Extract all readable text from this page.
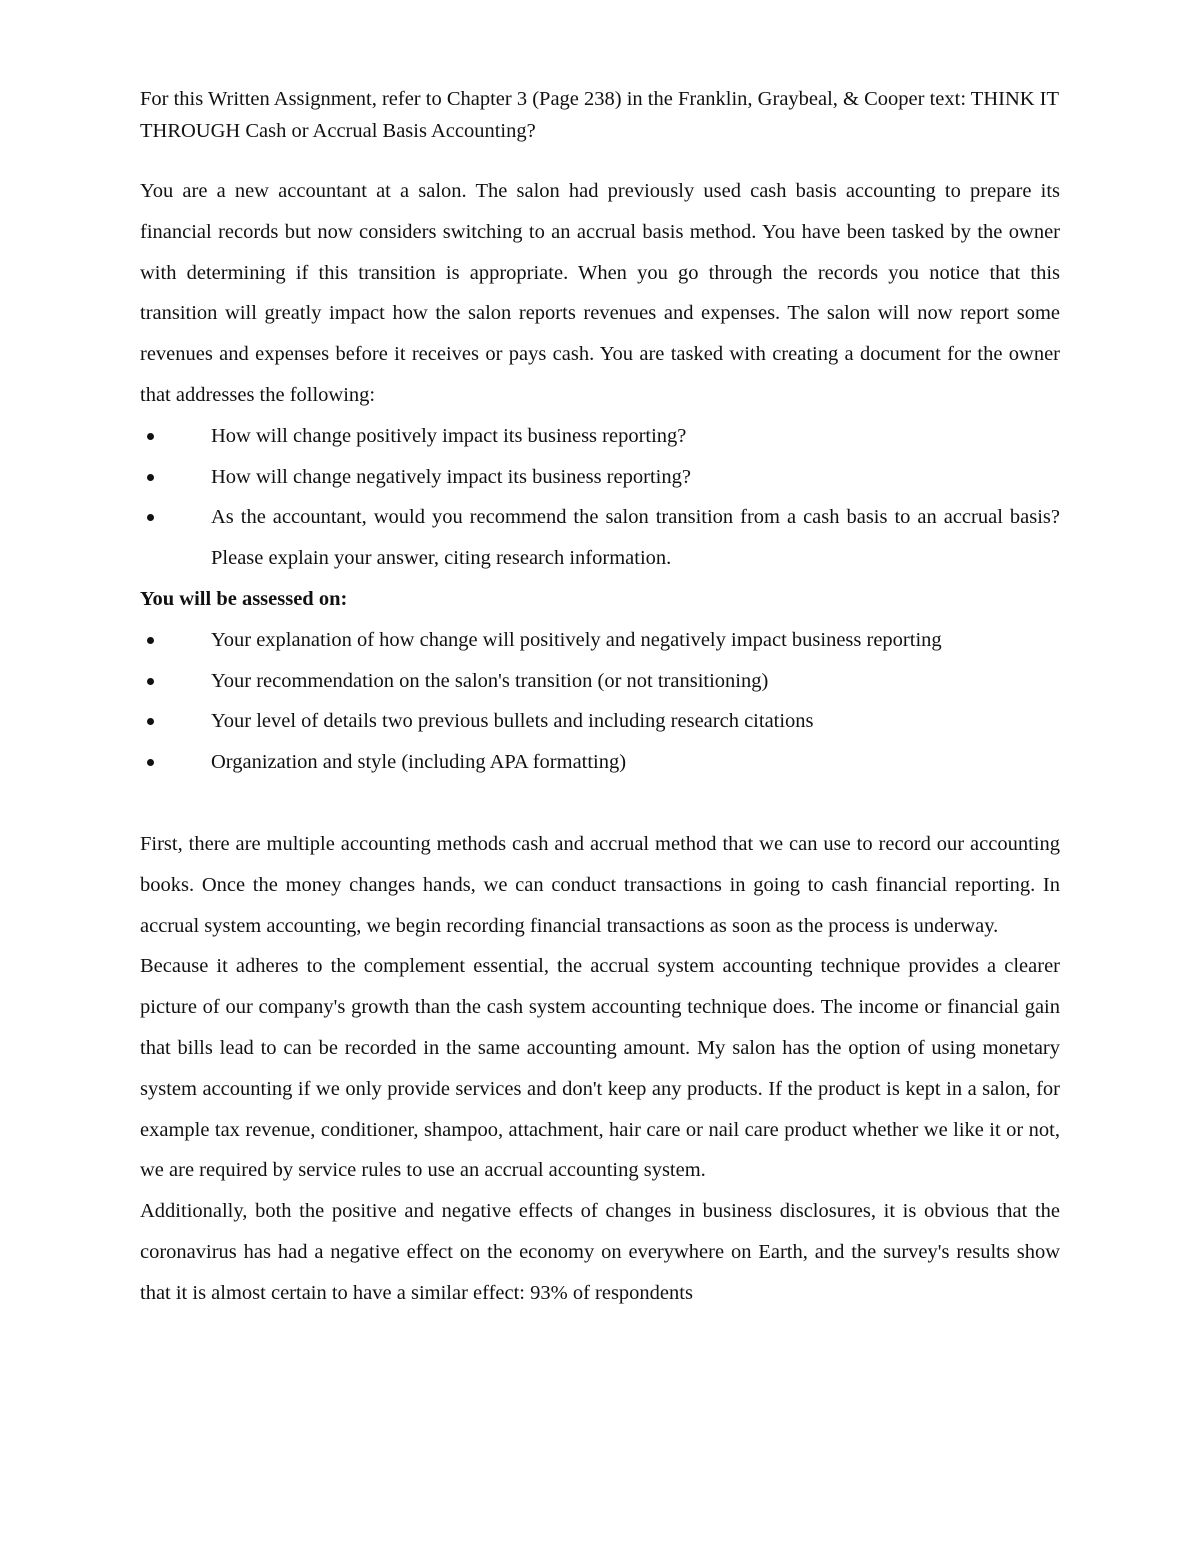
For this Written Assignment, refer to Chapter 3 (Page 238) in the Franklin, Graybeal, & Cooper text: THINK IT THROUGH Cash or Accrual Basis Accounting?

You are a new accountant at a salon. The salon had previously used cash basis accounting to prepare its financial records but now considers switching to an accrual basis method. You have been tasked by the owner with determining if this transition is appropriate. When you go through the records you notice that this transition will greatly impact how the salon reports revenues and expenses. The salon will now report some revenues and expenses before it receives or pays cash. You are tasked with creating a document for the owner that addresses the following:

How will change positively impact its business reporting?
How will change negatively impact its business reporting?
As the accountant, would you recommend the salon transition from a cash basis to an accrual basis? Please explain your answer, citing research information.

You will be assessed on:

Your explanation of how change will positively and negatively impact business reporting
Your recommendation on the salon's transition (or not transitioning)
Your level of details two previous bullets and including research citations
Organization and style (including APA formatting)

First, there are multiple accounting methods cash and accrual method that we can use to record our accounting books. Once the money changes hands, we can conduct transactions in going to cash financial reporting. In accrual system accounting, we begin recording financial transactions as soon as the process is underway.

Because it adheres to the complement essential, the accrual system accounting technique provides a clearer picture of our company's growth than the cash system accounting technique does. The income or financial gain that bills lead to can be recorded in the same accounting amount. My salon has the option of using monetary system accounting if we only provide services and don't keep any products. If the product is kept in a salon, for example tax revenue, conditioner, shampoo, attachment, hair care or nail care product whether we like it or not, we are required by service rules to use an accrual accounting system.

Additionally, both the positive and negative effects of changes in business disclosures, it is obvious that the coronavirus has had a negative effect on the economy on everywhere on Earth, and the survey's results show that it is almost certain to have a similar effect: 93% of respondents
